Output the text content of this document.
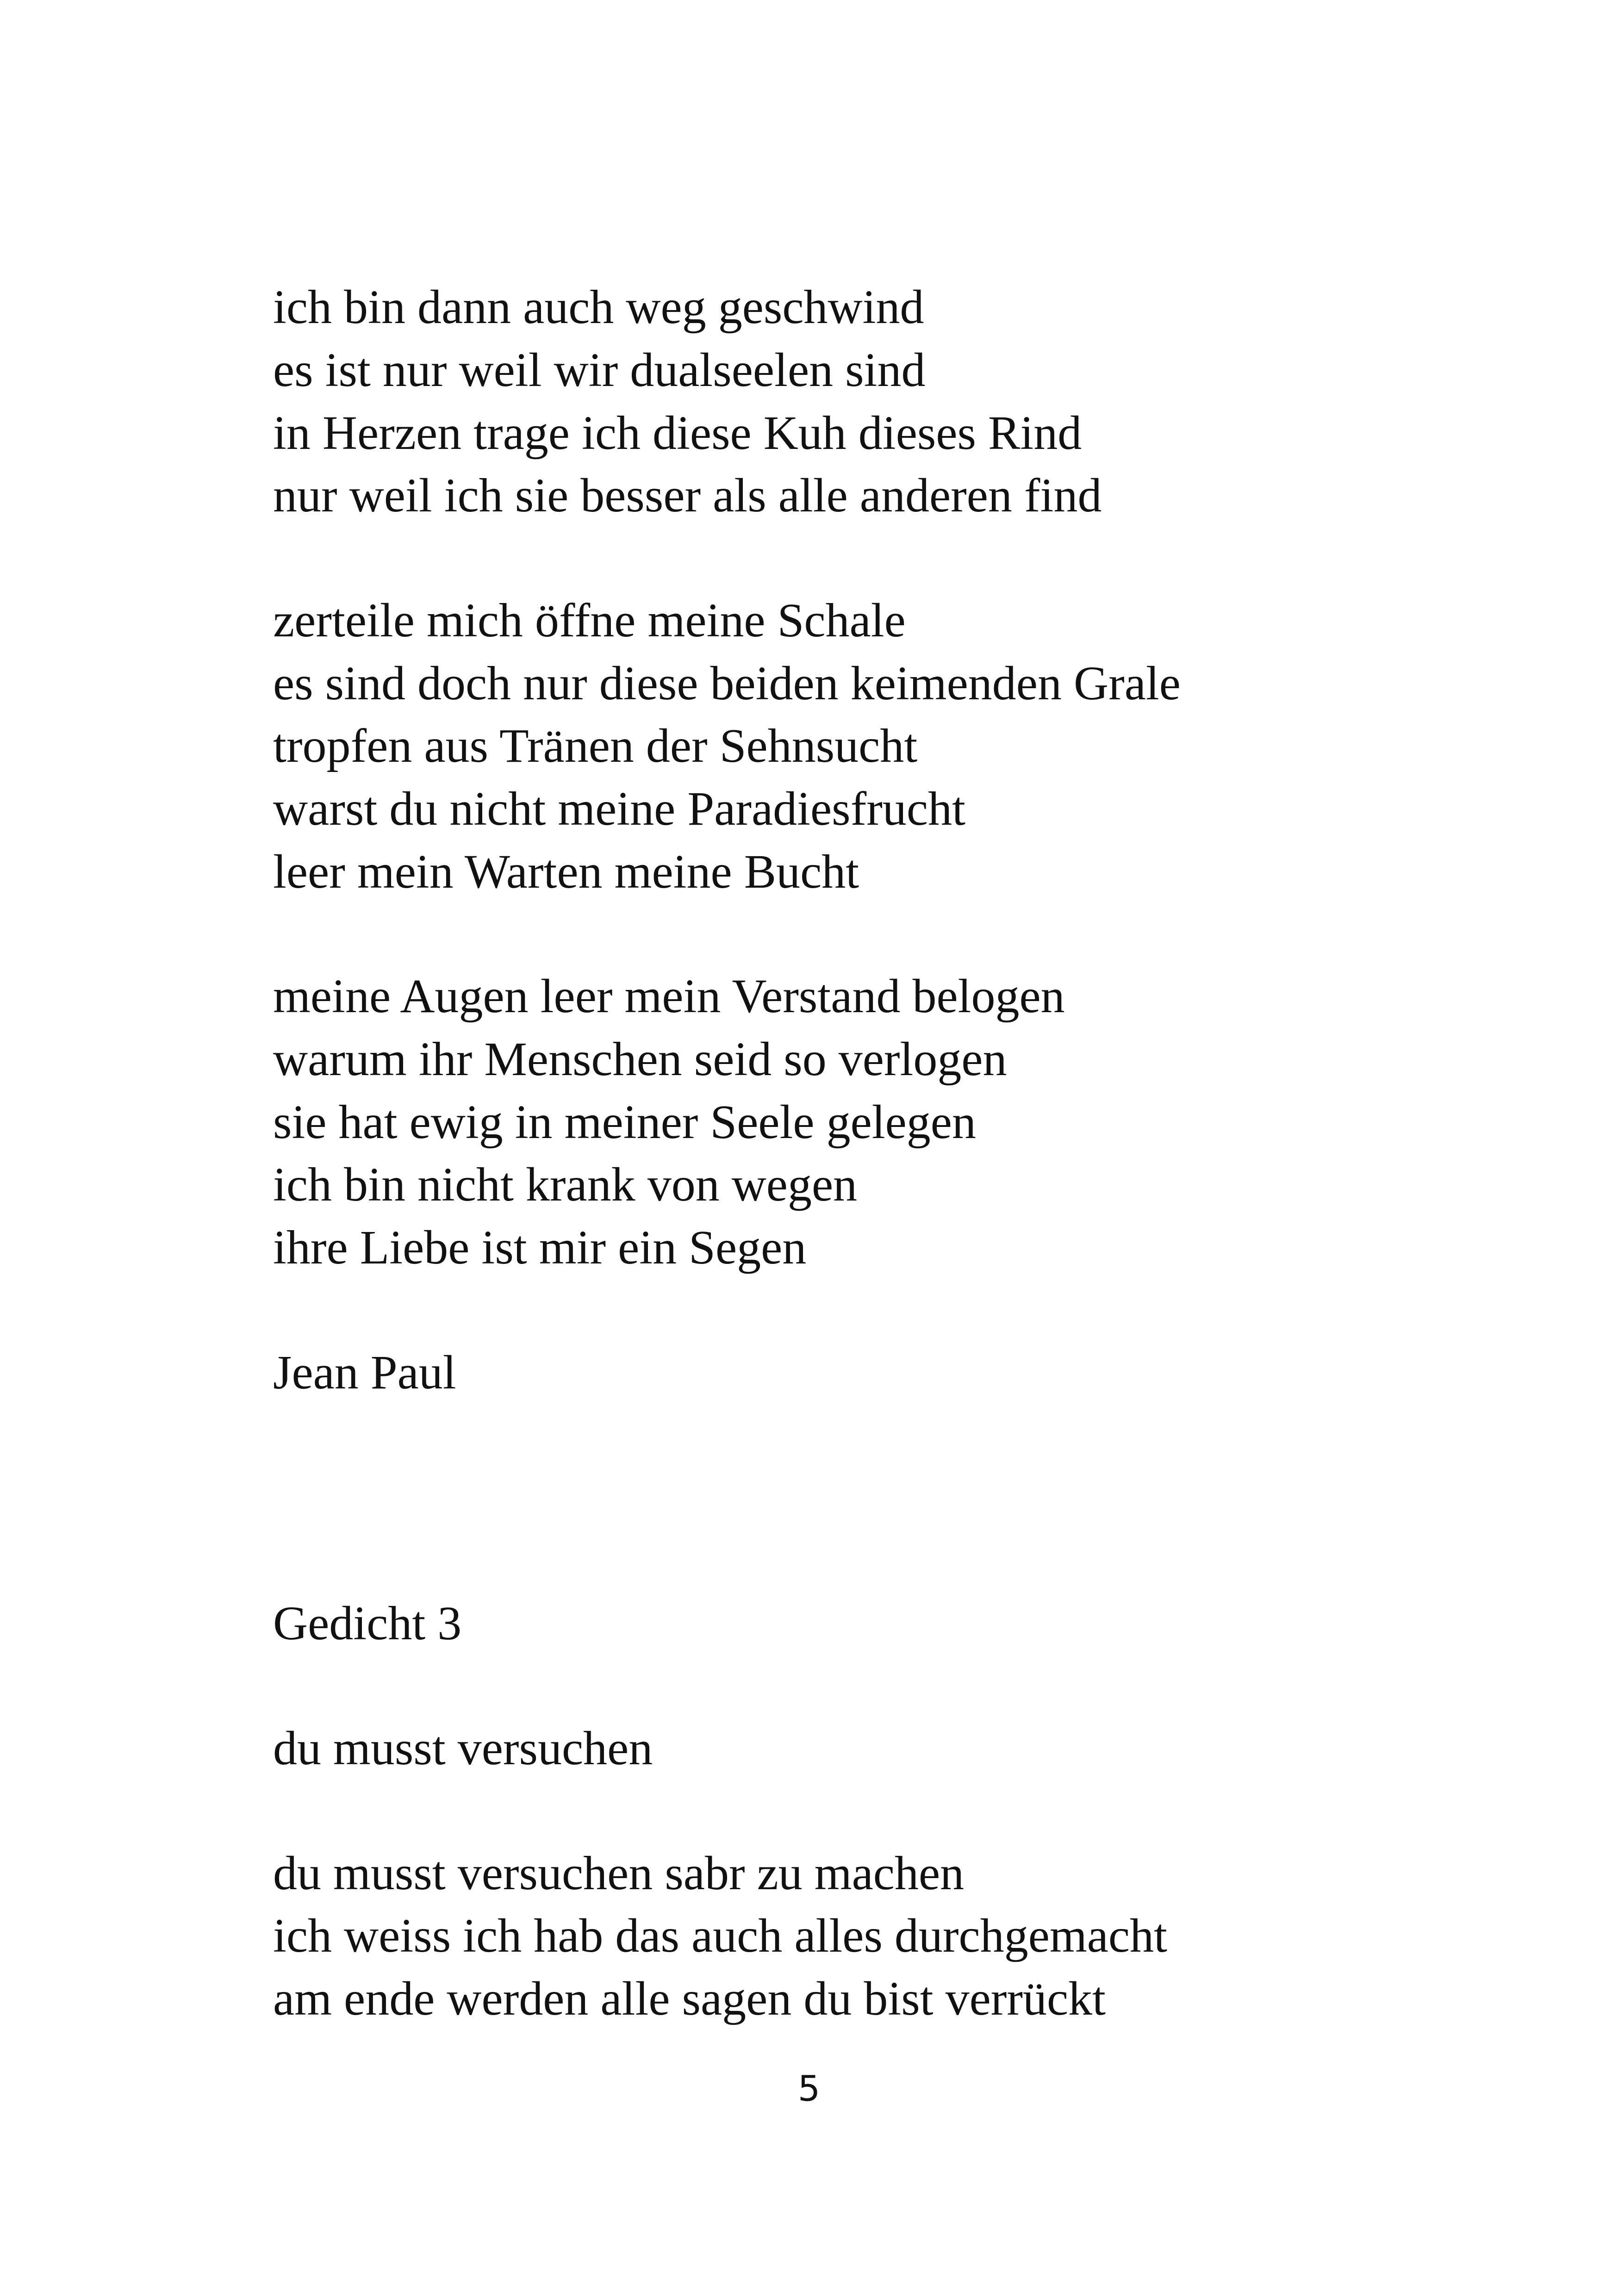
ich bin dann auch weg geschwind

es ist nur weil wir dualseelen sind

in Herzen trage ich diese Kuh dieses Rind

nur weil ich sie besser als alle anderen find

zerteile mich öffne meine Schale

es sind doch nur diese beiden keimenden Grale

tropfen aus Tränen der Sehnsucht

warst du nicht meine Paradiesfrucht

leer mein Warten meine Bucht

meine Augen leer mein Verstand belogen

warum ihr Menschen seid so verlogen

sie hat ewig in meiner Seele gelegen

ich bin nicht krank von wegen

ihre Liebe ist mir ein Segen

Jean Paul

Gedicht 3

du musst versuchen

du musst versuchen sabr zu machen

ich weiss ich hab das auch alles durchgemacht

am ende werden alle sagen du bist verrückt

5
